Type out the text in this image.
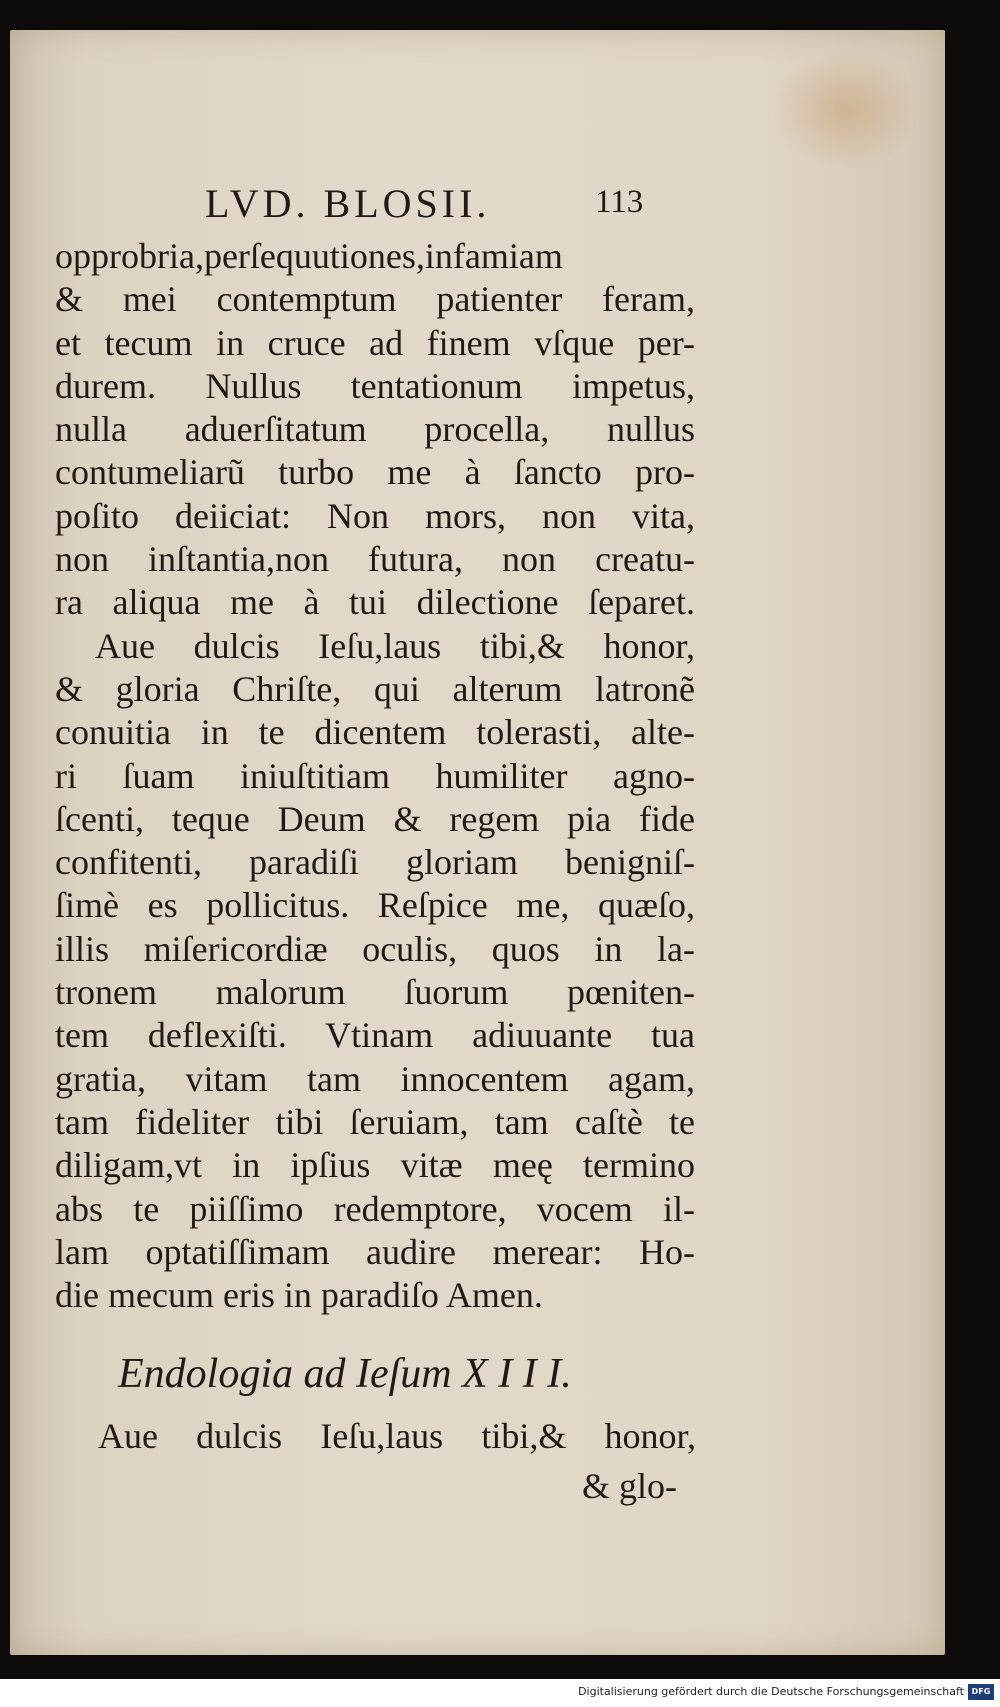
LVD. BLOSII.	113
opprobria,perſequutiones,infamiam
& mei contemptum patienter feram,
et tecum in cruce ad finem vſque per-
durem. Nullus tentationum impetus,
nulla aduerſitatum procella, nullus
contumeliarũ turbo me à ſancto pro-
poſito deiiciat: Non mors, non vita,
non inſtantia,non futura, non creatu-
ra aliqua me à tui dilectione ſeparet.
Aue dulcis Ieſu,laus tibi,& honor,
& gloria Chriſte, qui alterum latronẽ
conuitia in te dicentem tolerasti, alte-
ri ſuam iniuſtitiam humiliter agno-
ſcenti, teque Deum & regem pia fide
confitenti, paradiſi gloriam benigniſ-
ſimè es pollicitus. Reſpice me, quæſo,
illis miſericordiæ oculis, quos in la-
tronem malorum ſuorum pœniten-
tem deflexiſti. Vtinam adiuuante tua
gratia, vitam tam innocentem agam,
tam fideliter tibi ſeruiam, tam caſtè te
diligam,vt in ipſius vitæ meę termino
abs te piiſſimo redemptore, vocem il-
lam optatiſſimam audire merear: Ho-
die mecum eris in paradiſo Amen.
Endologia ad Ieſum X I I I.
Aue dulcis Ieſu,laus tibi,& honor,
& glo-
Digitalisierung gefördert durch die Deutsche Forschungsgemeinschaft DFG
